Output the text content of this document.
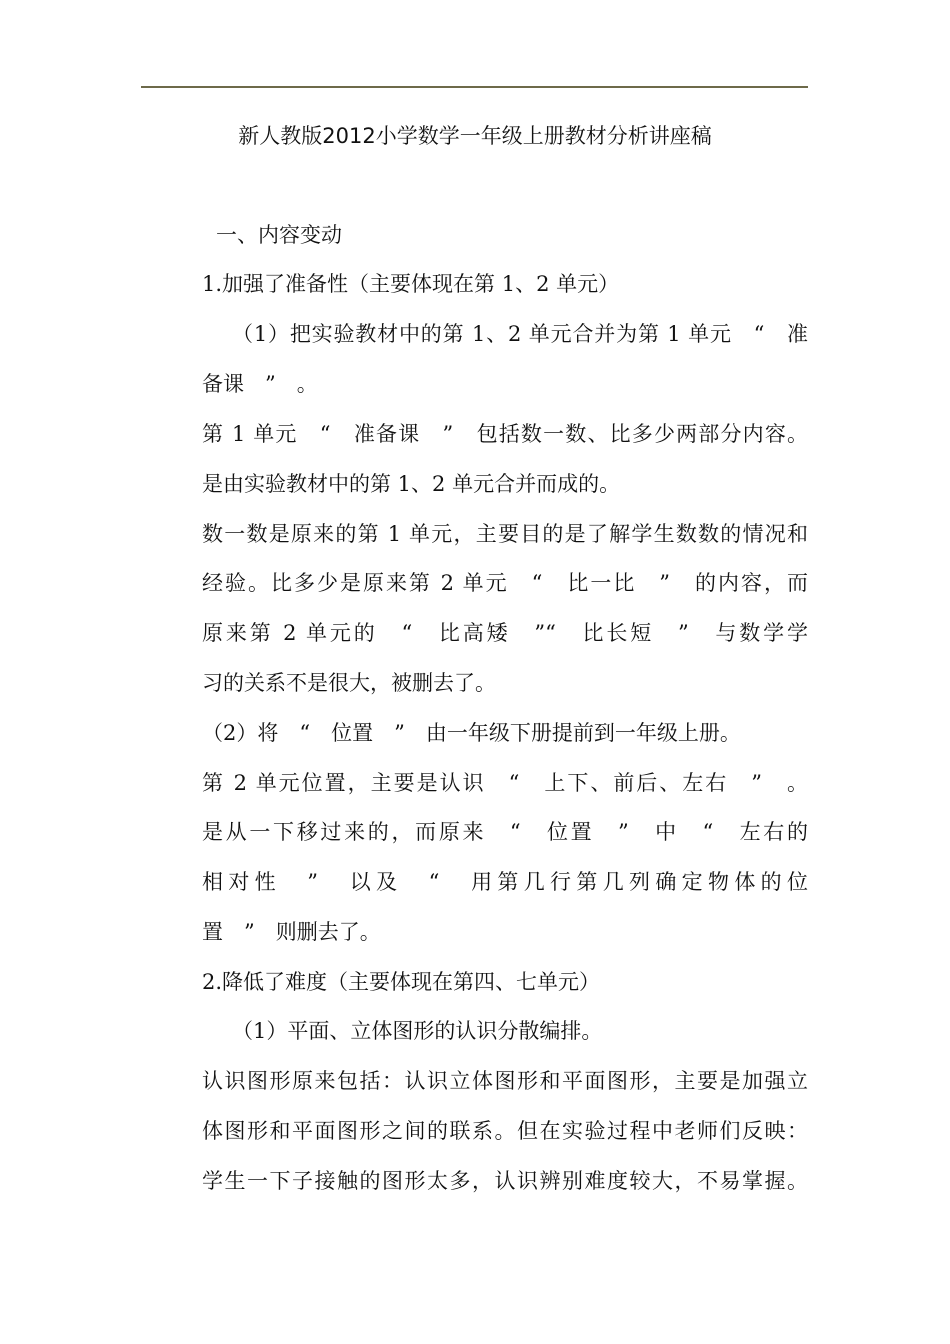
新人教版2012小学数学一年级上册教材分析讲座稿
一、内容变动
1.加强了准备性（主要体现在第 1、2 单元）
（1）把实验教材中的第 1、2 单元合并为第 1 单元　“　准
备课　”　。
第 1 单元　“　准备课　”　包括数一数、比多少两部分内容。
是由实验教材中的第 1、2 单元合并而成的。
数一数是原来的第 1 单元，主要目的是了解学生数数的情况和
经验。比多少是原来第 2 单元　“　比一比　”　的内容，而
原来第 2 单元的　“　比高矮　”“　比长短　”　与数学学
习的关系不是很大，被删去了。
（2）将　“　位置　”　由一年级下册提前到一年级上册。
第 2 单元位置，主要是认识　“　上下、前后、左右　”　。
是从一下移过来的，而原来　“　位置　”　中　“　左右的
相对性　”　以及　“　用第几行第几列确定物体的位
置　”　则删去了。
2.降低了难度（主要体现在第四、七单元）
（1）平面、立体图形的认识分散编排。
认识图形原来包括：认识立体图形和平面图形，主要是加强立
体图形和平面图形之间的联系。但在实验过程中老师们反映：
学生一下子接触的图形太多，认识辨别难度较大，不易掌握。
